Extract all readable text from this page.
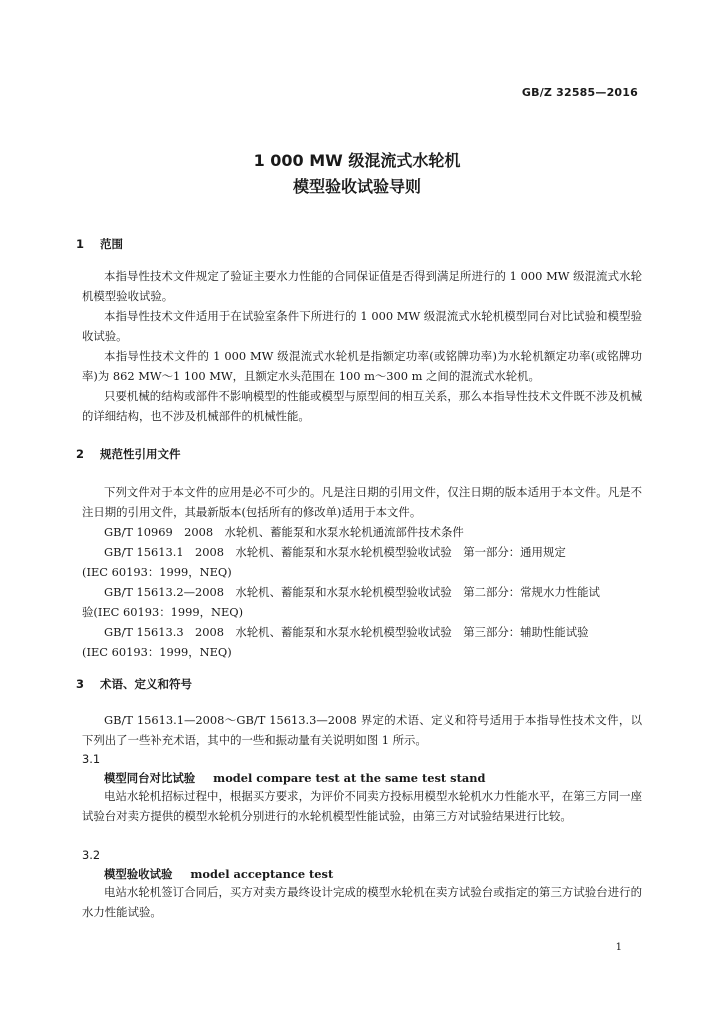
GB/Z 32585—2016
1 000 MW 级混流式水轮机
模型验收试验导则
1 范围
本指导性技术文件规定了验证主要水力性能的合同保证值是否得到满足所进行的 1 000 MW 级混流式水轮机模型验收试验。
本指导性技术文件适用于在试验室条件下所进行的 1 000 MW 级混流式水轮机模型同台对比试验和模型验收试验。
本指导性技术文件的 1 000 MW 级混流式水轮机是指额定功率(或铭牌功率)为水轮机额定功率(或铭牌功率)为 862 MW～1 100 MW，且额定水头范围在 100 m～300 m 之间的混流式水轮机。
只要机械的结构或部件不影响模型的性能或模型与原型间的相互关系，那么本指导性技术文件既不涉及机械的详细结构，也不涉及机械部件的机械性能。
2 规范性引用文件
下列文件对于本文件的应用是必不可少的。凡是注日期的引用文件，仅注日期的版本适用于本文件。凡是不注日期的引用文件，其最新版本(包括所有的修改单)适用于本文件。
GB/T 10969　2008　水轮机、蓄能泵和水泵水轮机通流部件技术条件
GB/T 15613.1　2008　水轮机、蓄能泵和水泵水轮机模型验收试验　第一部分：通用规定
(IEC 60193：1999，NEQ)
GB/T 15613.2—2008　水轮机、蓄能泵和水泵水轮机模型验收试验　第二部分：常规水力性能试
验(IEC 60193：1999，NEQ)
GB/T 15613.3　2008　水轮机、蓄能泵和水泵水轮机模型验收试验　第三部分：辅助性能试验
(IEC 60193：1999，NEQ)
3 术语、定义和符号
GB/T 15613.1—2008～GB/T 15613.3—2008 界定的术语、定义和符号适用于本指导性技术文件，以下列出了一些补充术语，其中的一些和振动量有关说明如图 1 所示。
3.1
模型同台对比试验 model compare test at the same test stand
电站水轮机招标过程中，根据买方要求，为评价不同卖方投标用模型水轮机水力性能水平，在第三方同一座试验台对卖方提供的模型水轮机分别进行的水轮机模型性能试验，由第三方对试验结果进行比较。
3.2
模型验收试验 model acceptance test
电站水轮机签订合同后，买方对卖方最终设计完成的模型水轮机在卖方试验台或指定的第三方试验台进行的水力性能试验。
1
